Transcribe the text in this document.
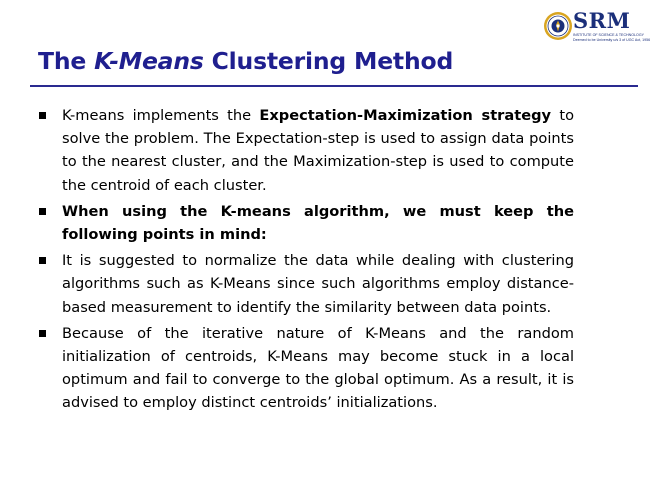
SRM
INSTITUTE OF SCIENCE & TECHNOLOGY
Deemed to be University u/s 3 of UGC Act, 1956
The K-Means Clustering Method
K-means implements the Expectation-Maximization strategy to solve the problem. The Expectation-step is used to assign data points to the nearest cluster, and the Maximization-step is used to compute the centroid of each cluster.
When using the K-means algorithm, we must keep the following points in mind:
It is suggested to normalize the data while dealing with clustering algorithms such as K-Means since such algorithms employ distance-based measurement to identify the similarity between data points.
Because of the iterative nature of K-Means and the random initialization of centroids, K-Means may become stuck in a local optimum and fail to converge to the global optimum. As a result, it is advised to employ distinct centroids’ initializations.
